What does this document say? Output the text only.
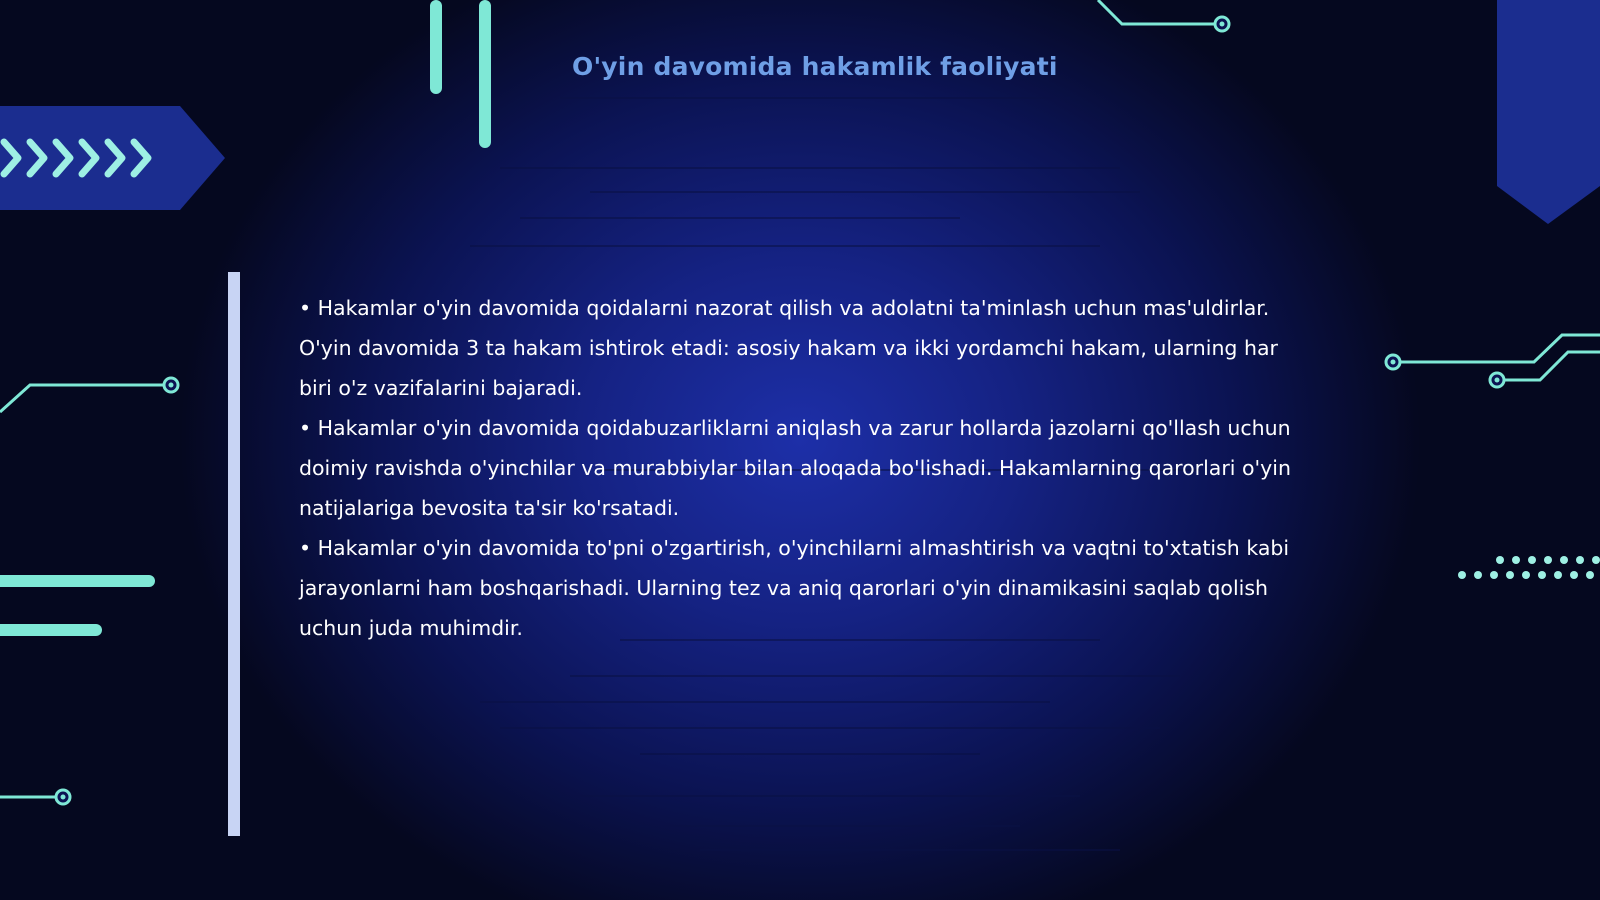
O'yin davomida hakamlik faoliyati

• Hakamlar o'yin davomida qoidalarni nazorat qilish va adolatni ta'minlash uchun mas'uldirlar. O'yin davomida 3 ta hakam ishtirok etadi: asosiy hakam va ikki yordamchi hakam, ularning har biri o'z vazifalarini bajaradi.

• Hakamlar o'yin davomida qoidabuzarliklarni aniqlash va zarur hollarda jazolarni qo'llash uchun doimiy ravishda o'yinchilar va murabbiylar bilan aloqada bo'lishadi. Hakamlarning qarorlari o'yin natijalariga bevosita ta'sir ko'rsatadi.

• Hakamlar o'yin davomida to'pni o'zgartirish, o'yinchilarni almashtirish va vaqtni to'xtatish kabi jarayonlarni ham boshqarishadi. Ularning tez va aniq qarorlari o'yin dinamikasini saqlab qolish uchun juda muhimdir.
